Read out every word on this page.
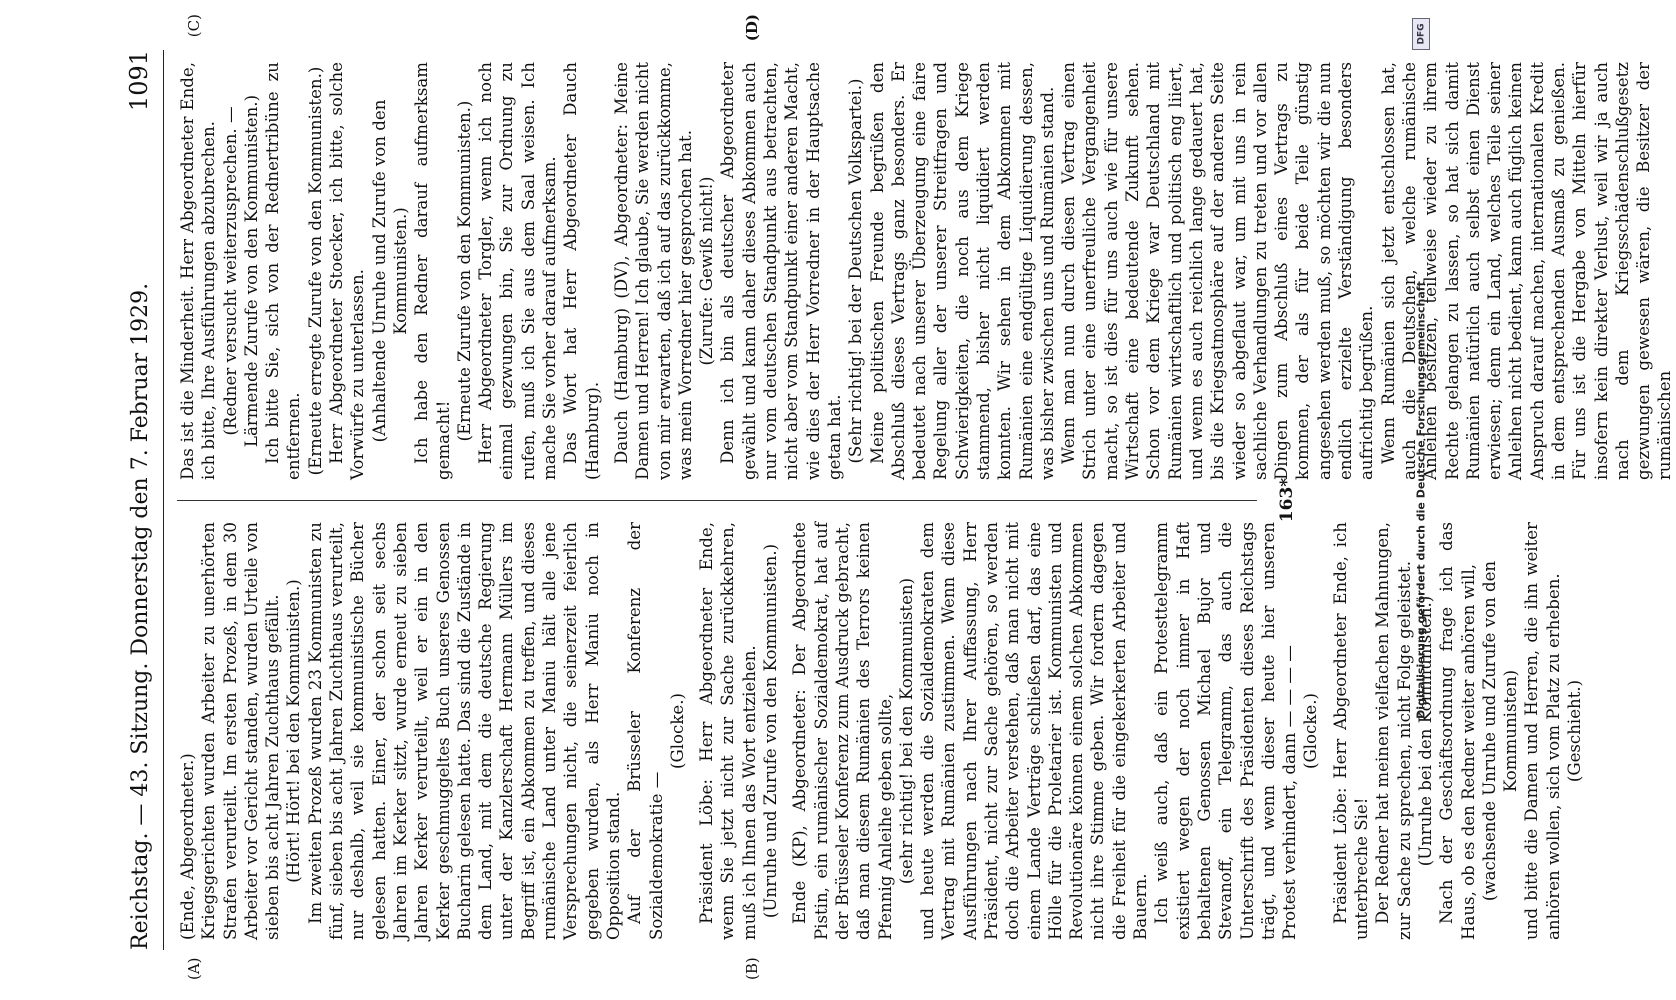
Reichstag. — 43. Sitzung. Donnerstag den 7. Februar 1929.
1091
(A)	(B)
(C)	(D)

(Ende, Abgeordneter.) Kriegsgerichten wurden Arbeiter zu unerhörten Strafen verurteilt. Im ersten Prozeß, in dem 30 Arbeiter vor Gericht standen, wurden Urteile von sieben bis acht Jahren Zuchthaus gefällt. (Hört! Hört! bei den Kommunisten.) Im zweiten Prozeß wurden 23 Kommunisten zu fünf, sieben bis acht Jahren Zuchthaus verurteilt, nur deshalb, weil sie kommunistische Bücher gelesen hatten. Einer, der schon seit sechs Jahren im Kerker sitzt, wurde erneut zu sieben Jahren Kerker verurteilt, weil er ein in den Kerker geschmuggeltes Buch unseres Genossen Bucharin gelesen hatte. Das sind die Zustände in dem Land, mit dem die deutsche Regierung unter der Kanzlerschaft Hermann Müllers im Begriff ist, ein Abkommen zu treffen, und dieses rumänische Land unter Maniu hält alle jene Versprechungen nicht, die seinerzeit feierlich gegeben wurden, als Herr Maniu noch in Opposition stand. Auf der Brüsseler Konferenz der Sozialdemokratie —

(Glocke.) Präsident Löbe: Herr Abgeordneter Ende, wenn Sie jetzt nicht zur Sache zurückkehren, muß ich Ihnen das Wort entziehen. (Unruhe und Zurufe von den Kommunisten.) Ende (KP), Abgeordneter: Der Abgeordnete Pistin, ein rumänischer Sozialdemokrat, hat auf der Brüsseler Konferenz zum Ausdruck gebracht, daß man diesem Rumänien des Terrors keinen Pfennig Anleihe geben sollte, (sehr richtig! bei den Kommunisten) und heute werden die Sozialdemokraten dem Vertrag mit Rumänien zustimmen. Wenn diese Ausführungen nach Ihrer Auffassung, Herr Präsident, nicht zur Sache gehören, so werden doch die Arbeiter verstehen, daß man nicht mit einem Lande Verträge schließen darf, das eine Hölle für die Proletarier ist. Kommunisten und Revolutionäre können einem solchen Abkommen nicht ihre Stimme geben. Wir fordern dagegen die Freiheit für die eingekerkerten Arbeiter und Bauern. Ich weiß auch, daß ein Protesttelegramm existiert wegen der noch immer in Haft behaltenen Genossen Michael Bujor und Stevanoff, ein Telegramm, das auch die Unterschrift des Präsidenten dieses Reichstags trägt, und wenn dieser heute hier unseren Protest verhindert, dann — — — — (Glocke.) Präsident Löbe: Herr Abgeordneter Ende, ich unterbreche Sie! Der Redner hat meinen vielfachen Mahnungen, zur Sache zu sprechen, nicht Folge geleistet. (Unruhe bei den Kommunisten.) Nach der Geschäftsordnung frage ich das Haus, ob es den Redner weiter anhören will, (wachsende Unruhe und Zurufe von den Kommunisten) und bitte die Damen und Herren, die ihn weiter anhören wollen, sich vom Platz zu erheben. (Geschieht.)

Das ist die Minderheit. Herr Abgeordneter Ende, ich bitte, Ihre Ausführungen abzubrechen. (Redner versucht weiterzusprechen. — Lärmende Zurufe von den Kommunisten.) Ich bitte Sie, sich von der Rednertribüne zu entfernen. (Erneute erregte Zurufe von den Kommunisten.) Herr Abgeordneter Stoecker, ich bitte, solche Vorwürfe zu unterlassen. (Anhaltende Unruhe und Zurufe von den Kommunisten.) Ich habe den Redner darauf aufmerksam gemacht! (Erneute Zurufe von den Kommunisten.) Herr Abgeordneter Torgler, wenn ich noch einmal gezwungen bin, Sie zur Ordnung zu rufen, muß ich Sie aus dem Saal weisen. Ich mache Sie vorher darauf aufmerksam. Das Wort hat Herr Abgeordneter Dauch (Hamburg). Dauch (Hamburg) (DV), Abgeordneter: Meine Damen und Herren! Ich glaube, Sie werden nicht von mir erwarten, daß ich auf das zurückkomme, was mein Vorredner hier gesprochen hat. (Zurufe: Gewiß nicht!) Denn ich bin als deutscher Abgeordneter gewählt und kann daher dieses Abkommen auch nur vom deutschen Standpunkt aus betrachten, nicht aber vom Standpunkt einer anderen Macht, wie dies der Herr Vorredner in der Hauptsache getan hat. (Sehr richtig! bei der Deutschen Volkspartei.) Meine politischen Freunde begrüßen den Abschluß dieses Vertrags ganz besonders. Er bedeutet nach unserer Überzeugung eine faire Regelung aller der unserer Streitfragen und Schwierigkeiten, die noch aus dem Kriege stammend, bisher nicht liquidiert werden konnten. Wir sehen in dem Abkommen mit Rumänien eine endgültige Liquidierung dessen, was bisher zwischen uns und Rumänien stand. Wenn man nun durch diesen Vertrag einen Strich unter eine unerfreuliche Vergangenheit macht, so ist dies für uns auch wie für unsere Wirtschaft eine bedeutende Zukunft sehen. Schon vor dem Kriege war Deutschland mit Rumänien wirtschaftlich und politisch eng liiert, und wenn es auch reichlich lange gedauert hat, bis die Kriegsatmosphäre auf der anderen Seite wieder so abgeflaut war, um mit uns in rein sachliche Verhandlungen zu treten und vor allen Dingen zum Abschluß eines Vertrags zu kommen, der als für beide Teile günstig angesehen werden muß, so möchten wir die nun endlich erzielte Verständigung besonders aufrichtig begrüßen. Wenn Rumänien sich jetzt entschlossen hat, auch die Deutschen, welche rumänische Anleihen besitzen, teilweise wieder zu ihrem Rechte gelangen zu lassen, so hat sich damit Rumänien natürlich auch selbst einen Dienst erwiesen; denn ein Land, welches Teile seiner Anleihen nicht bedient, kann auch füglich keinen Anspruch darauf machen, internationalen Kredit in dem entsprechenden Ausmaß zu genießen. Für uns ist die Hergabe von Mitteln hierfür insofern kein direkter Verlust, weil wir ja auch nach dem Kriegsschädenschlußgesetz gezwungen gewesen wären, die Besitzer der rumänischen

163*
DFG
Digitalisierung gefördert durch die Deutsche Forschungsgemeinschaft
